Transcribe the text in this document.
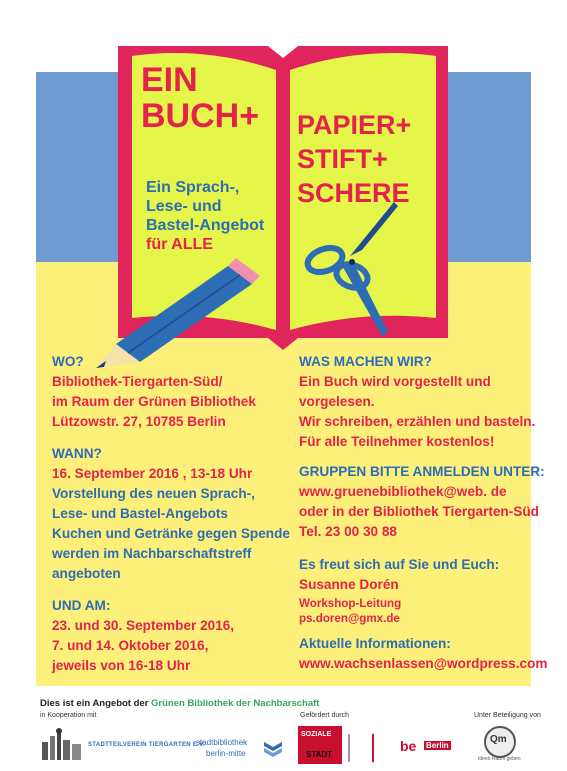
EIN

BUCH+ PAPIER+

STIFT+

SCHERE

Ein Sprach-,

Lese- und

Bastel-Angebot

für ALLE

WO?

Bibliothek-Tiergarten-Süd/

im Raum der Grünen Bibliothek

Lützowstr. 27, 10785 Berlin

WANN?

16. September 2016 , 13-18 Uhr

Vorstellung des neuen Sprach-,

Lese- und Bastel-Angebots

Kuchen und Getränke gegen Spende

werden im Nachbarschaftstreff

angeboten

UND AM:

23. und 30. September 2016,

7. und 14. Oktober 2016,

jeweils von 16-18 Uhr

WAS MACHEN WIR?

Ein Buch wird vorgestellt und

vorgelesen.

Wir schreiben, erzählen und basteln.

Für alle Teilnehmer kostenlos!

GRUPPEN BITTE ANMELDEN UNTER:

www.gruenebibliothek@web. de

oder in der Bibliothek Tiergarten-Süd

Tel. 23 00 30 88

Es freut sich auf Sie und Euch:

Susanne Dorén

Workshop-Leitung

ps.doren@gmx.de

Aktuelle Informationen:

www.wachsenlassen@wordpress.com

Dies ist ein Angebot der Grünen Bibliothek der Nachbarschaft

in Kooperation mit	Gefördert durch	Unter Beteiligung von

STADTTEILVEREIN TIERGARTEN E.V.
stadtbibliothek
berlin-mitte
SOZIALE
STADT
be Berlin
Qm
Ideen Raum geben
